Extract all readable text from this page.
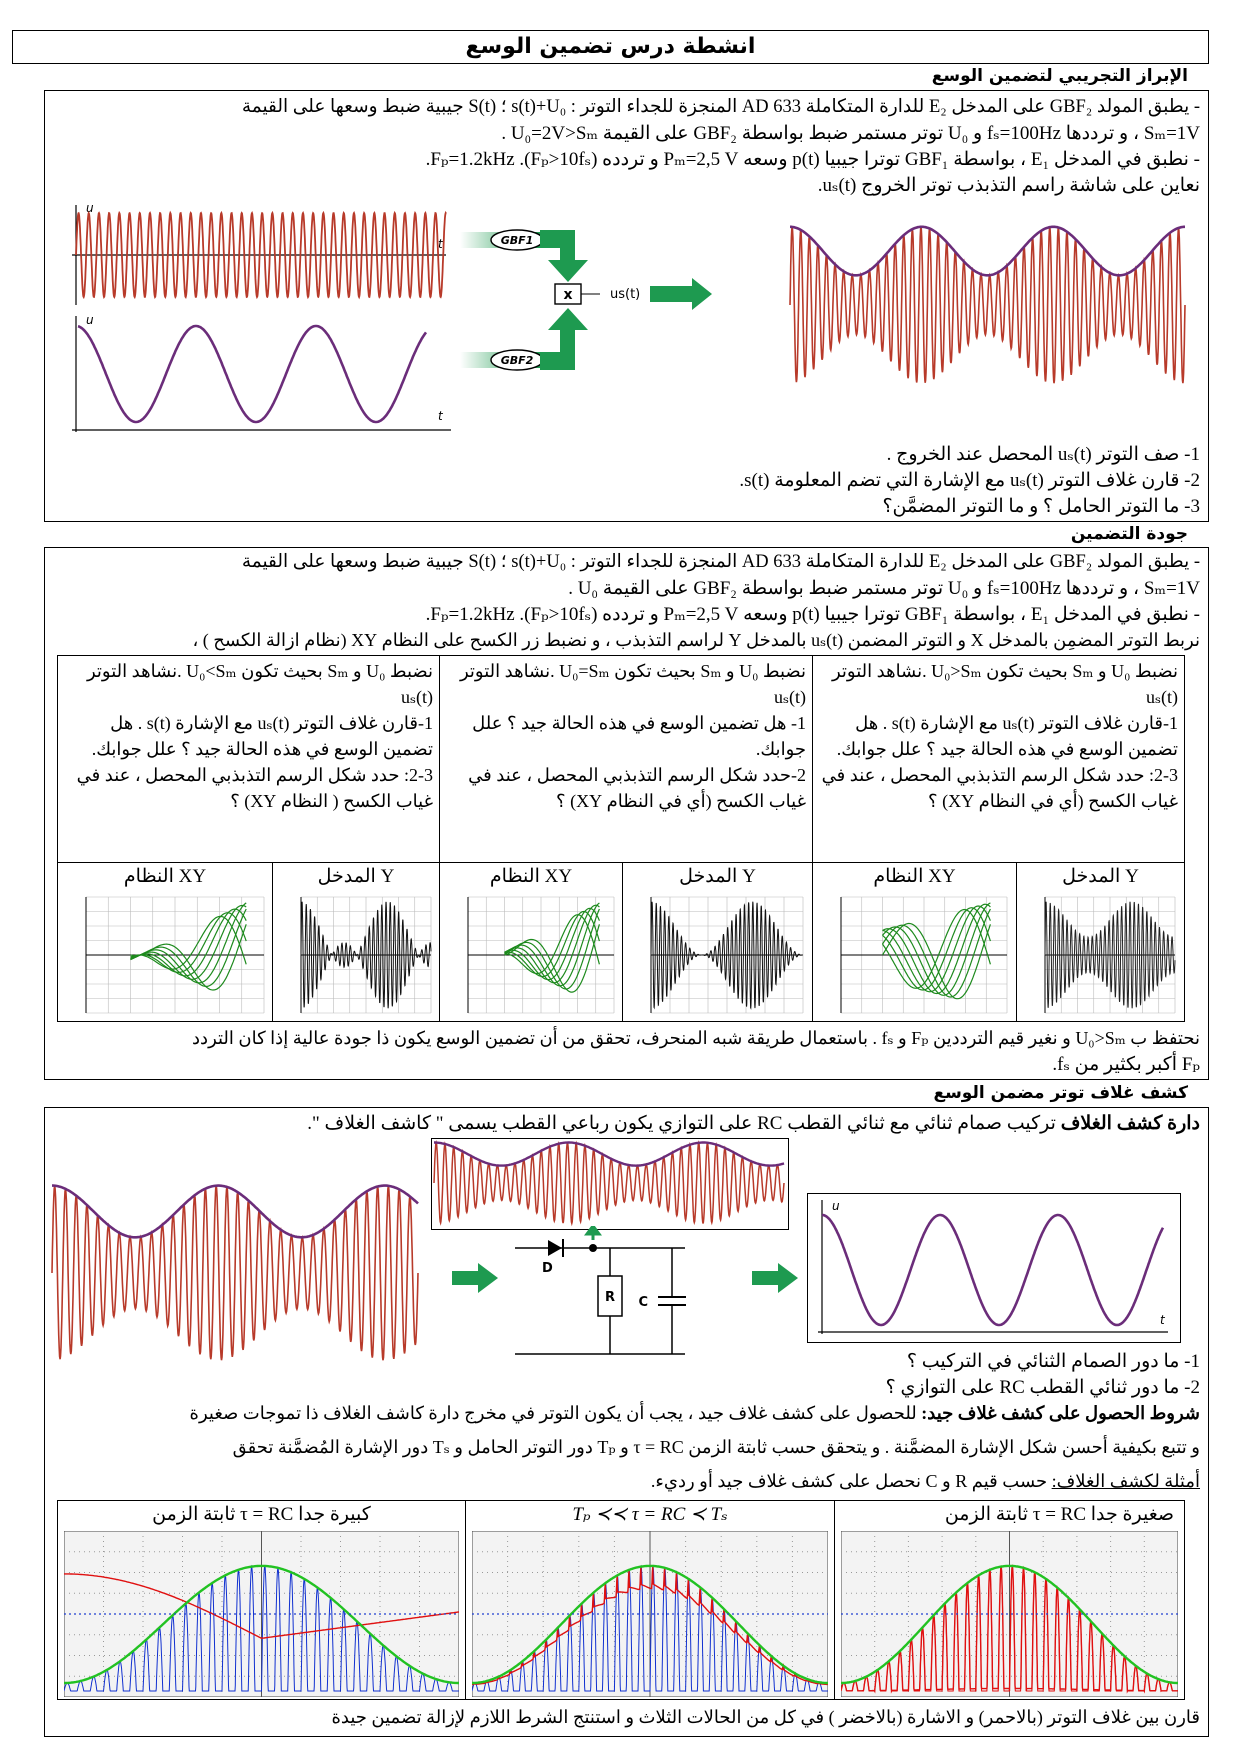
انشطة درس تضمين الوسع
الإبراز التجريبي لتضمين الوسع
- يطبق المولد GBF₂ على المدخل E₂ للدارة المتكاملة AD 633 المنجزة للجداء التوتر : s(t)+U₀ ؛ S(t) جيبية ضبط وسعها على القيمة
Sₘ=1V ، و ترددها fₛ=100Hz و U₀ توتر مستمر ضبط بواسطة GBF₂ على القيمة U₀=2V>Sₘ .
- نطبق في المدخل E₁ ، بواسطة GBF₁ توترا جيبيا p(t) وسعه Pₘ=2,5 V و تردده Fₚ=1.2kHz .(Fₚ>10fₛ).
نعاين على شاشة راسم التذبذب توتر الخروج uₛ(t).
u
t
u
t
GBF1
GBF2
x	us(t)
1- صف التوتر uₛ(t) المحصل عند الخروج .
2- قارن غلاف التوتر uₛ(t) مع الإشارة التي تضم المعلومة s(t).
3- ما التوتر الحامل ؟ و ما التوتر المضمَّن؟
جودة التضمين
- يطبق المولد GBF₂ على المدخل E₂ للدارة المتكاملة AD 633 المنجزة للجداء التوتر : s(t)+U₀ ؛ S(t) جيبية ضبط وسعها على القيمة
Sₘ=1V ، و ترددها fₛ=100Hz و U₀ توتر مستمر ضبط بواسطة GBF₂ على القيمة U₀ .
- نطبق في المدخل E₁ ، بواسطة GBF₁ توترا جيبيا p(t) وسعه Pₘ=2,5 V و تردده Fₚ=1.2kHz .(Fₚ>10fₛ).
نربط التوتر المضمِن بالمدخل X و التوتر المضمن uₛ(t) بالمدخل Y لراسم التذبذب ، و نضبط زر الكسح على النظام XY (نظام ازالة الكسح ) ،
نضبط U₀ و Sₘ بحيث تكون U₀>Sₘ .نشاهد التوتر uₛ(t)
1-قارن غلاف التوتر uₛ(t) مع الإشارة s(t) . هل تضمين الوسع في هذه الحالة جيد ؟ علل جوابك.
2-3: حدد شكل الرسم التذبذبي المحصل ، عند في غياب الكسح (أي في النظام XY) ؟
نضبط U₀ و Sₘ بحيث تكون U₀=Sₘ .نشاهد التوتر uₛ(t)
1- هل تضمين الوسع في هذه الحالة جيد ؟ علل جوابك.
2-حدد شكل الرسم التذبذبي المحصل ، عند في غياب الكسح (أي في النظام XY) ؟
نضبط U₀ و Sₘ بحيث تكون U₀<Sₘ .نشاهد التوتر uₛ(t)
1-قارن غلاف التوتر uₛ(t) مع الإشارة s(t) . هل تضمين الوسع في هذه الحالة جيد ؟ علل جوابك.
2-3: حدد شكل الرسم التذبذبي المحصل ، عند في غياب الكسح ( النظام XY) ؟
المدخل Y
النظام XY
المدخل Y
النظام XY
المدخل Y
النظام XY
نحتفظ ب U₀>Sₘ و نغير قيم الترددين Fₚ و fₛ . باستعمال طريقة شبه المنحرف، تحقق من أن تضمين الوسع يكون ذا جودة عالية إذا كان التردد
Fₚ أكبر بكثير من fₛ.
كشف غلاف توتر مضمن الوسع
دارة كشف الغلاف تركيب صمام ثنائي مع ثنائي القطب RC على التوازي يكون رباعي القطب يسمى " كاشف الغلاف ".
D
R C
u
t
1- ما دور الصمام الثنائي في التركيب ؟
2- ما دور ثنائي القطب RC على التوازي ؟
شروط الحصول على كشف غلاف جيد: للحصول على كشف غلاف جيد ، يجب أن يكون التوتر في مخرج دارة كاشف الغلاف ذا تموجات صغيرة
و تتبع بكيفية أحسن شكل الإشارة المضمَّنة . و يتحقق حسب ثابتة الزمن τ = RC و Tₚ دور التوتر الحامل و Tₛ دور الإشارة المُضمَّنة تحقق
أمثلة لكشف الغلاف: حسب قيم R و C نحصل على كشف غلاف جيد أو رديء.
ثابتة الزمن τ = RC صغيرة جدا
Tₚ ≺≺ τ = RC ≺ Tₛ
ثابتة الزمن τ = RC كبيرة جدا
قارن بين غلاف التوتر (بالاحمر) و الاشارة (بالاخضر ) في كل من الحالات الثلاث و استنتج الشرط اللازم لإزالة تضمين جيدة
